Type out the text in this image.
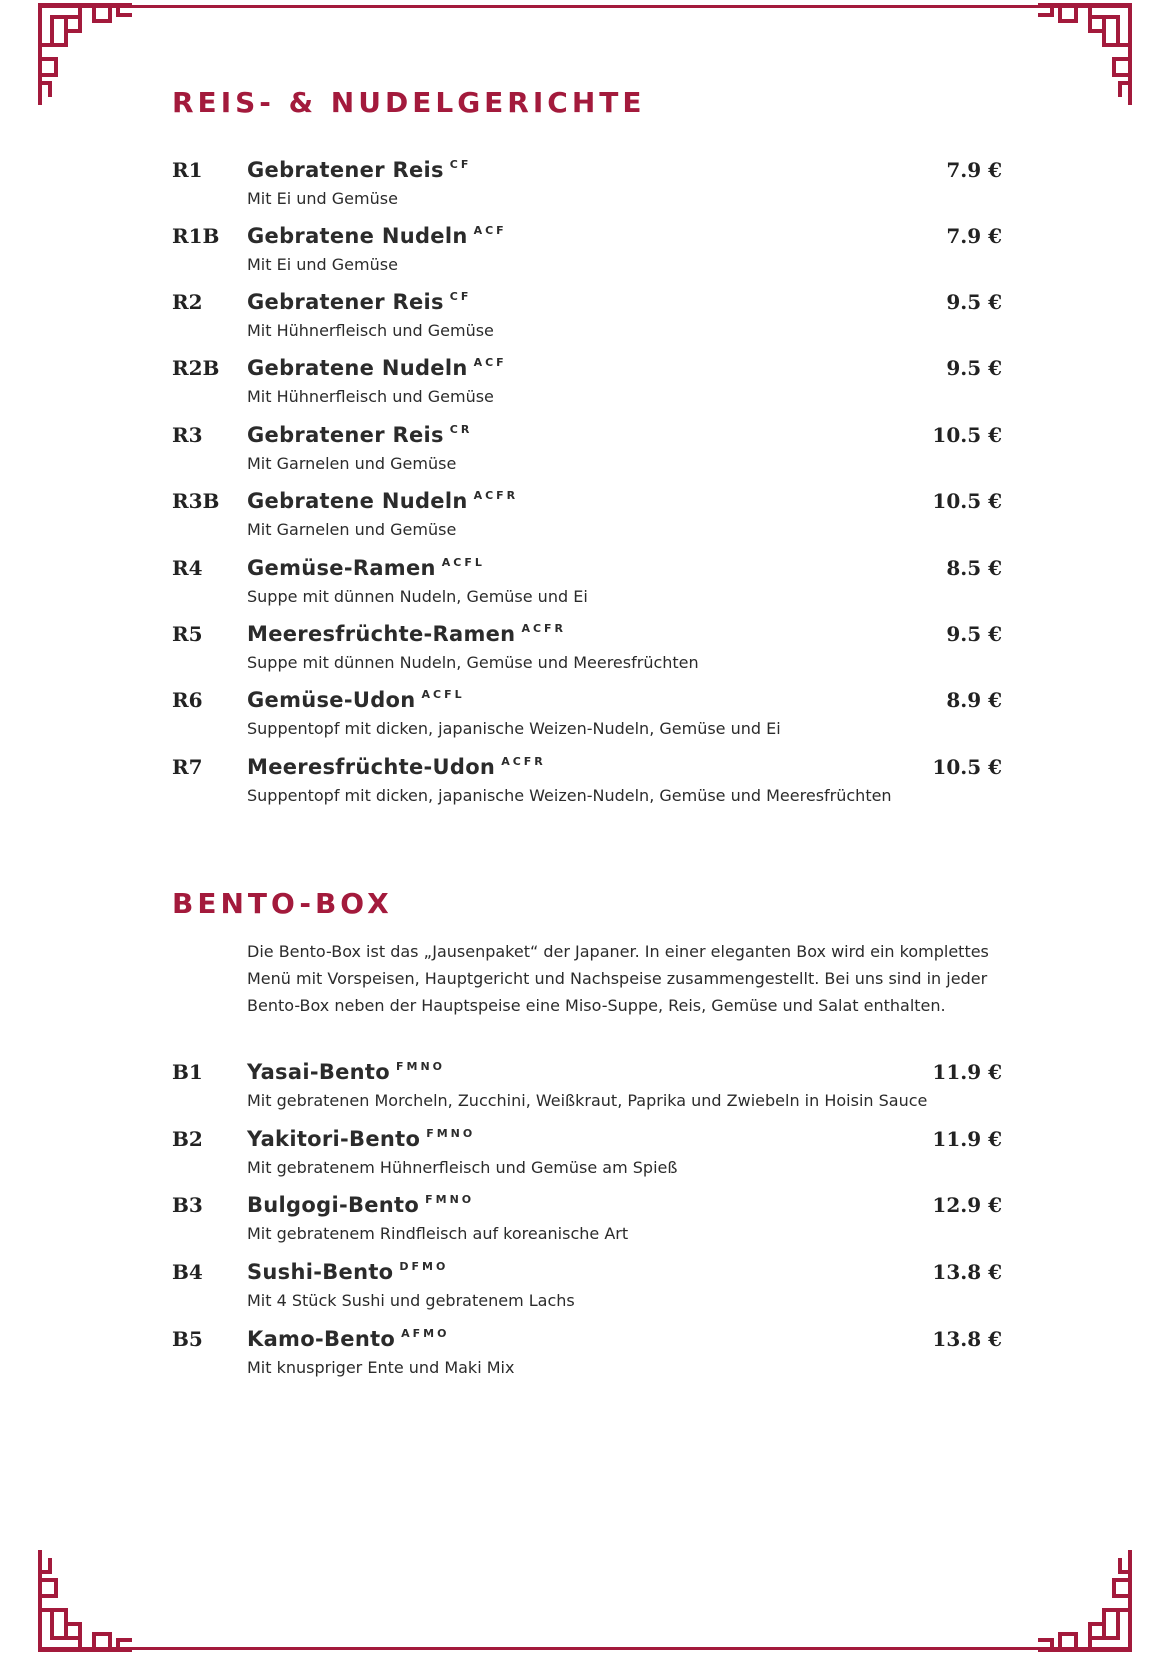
REIS- & NUDELGERICHTE
R1 Gebratener Reis $^{CF}$
Mit Ei und Gemüse
7.9 €
R1B Gebratene Nudeln $^{ACF}$
Mit Ei und Gemüse
7.9 €
R2 Gebratener Reis $^{CF}$
Mit Hühnerfleisch und Gemüse
9.5 €
R2B Gebratene Nudeln $^{ACF}$
Mit Hühnerfleisch und Gemüse
9.5 €
R3 Gebratener Reis $^{CR}$
Mit Garnelen und Gemüse
10.5 €
R3B Gebratene Nudeln $^{ACFR}$
Mit Garnelen und Gemüse
10.5 €
R4 Gemüse-Ramen $^{ACFL}$
Suppe mit dünnen Nudeln, Gemüse und Ei
8.5 €
R5 Meeresfrüchte-Ramen $^{ACFR}$
Suppe mit dünnen Nudeln, Gemüse und Meeresfrüchten
9.5 €
R6 Gemüse-Udon $^{ACFL}$
Suppentopf mit dicken, japanische Weizen-Nudeln, Gemüse und Ei
8.9 €
R7 Meeresfrüchte-Udon $^{ACFR}$
Suppentopf mit dicken, japanische Weizen-Nudeln, Gemüse und Meeresfrüchten
10.5 €
BENTO-BOX
Die Bento-Box ist das „Jausenpaket“ der Japaner. In einer eleganten Box wird ein komplettes
Menü mit Vorspeisen, Hauptgericht und Nachspeise zusammengestellt. Bei uns sind in jeder
Bento-Box neben der Hauptspeise eine Miso-Suppe, Reis, Gemüse und Salat enthalten.
B1 Yasai-Bento $^{FMNO}$
Mit gebratenen Morcheln, Zucchini, Weißkraut, Paprika und Zwiebeln in Hoisin Sauce
11.9 €
B2 Yakitori-Bento $^{FMNO}$
Mit gebratenem Hühnerfleisch und Gemüse am Spieß
11.9 €
B3 Bulgogi-Bento $^{FMNO}$
Mit gebratenem Rindfleisch auf koreanische Art
12.9 €
B4 Sushi-Bento $^{DFMO}$
Mit 4 Stück Sushi und gebratenem Lachs
13.8 €
B5 Kamo-Bento $^{AFMO}$
Mit knuspriger Ente und Maki Mix
13.8 €
